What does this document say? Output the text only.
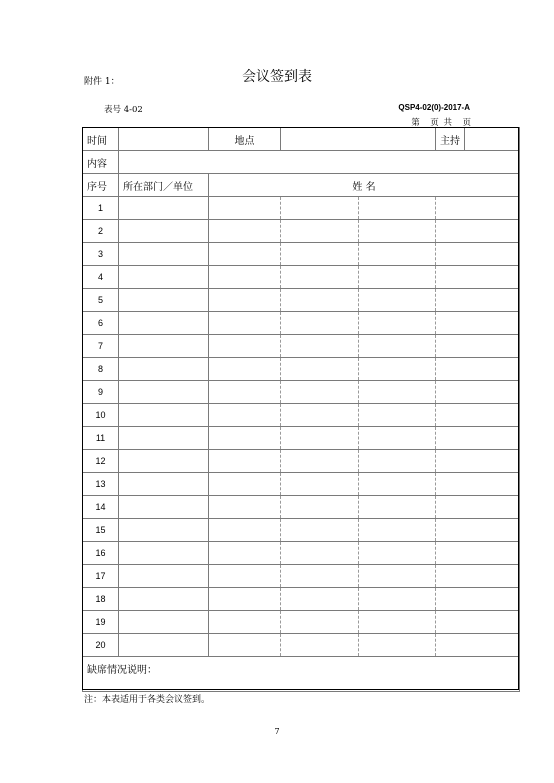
附件 1：	会议签到表
表号 4-02	QSP4-02(0)-2017-A
第　页 共　页
时间		地点			主持	
内容						
序号	所在部门／单位	姓 名				
1						
2						
3						
4						
5						
6						
7						
8						
9						
10						
11						
12						
13						
14						
15						
16						
17						
18						
19						
20						
缺席情况说明：						
注：本表适用于各类会议签到。
7
